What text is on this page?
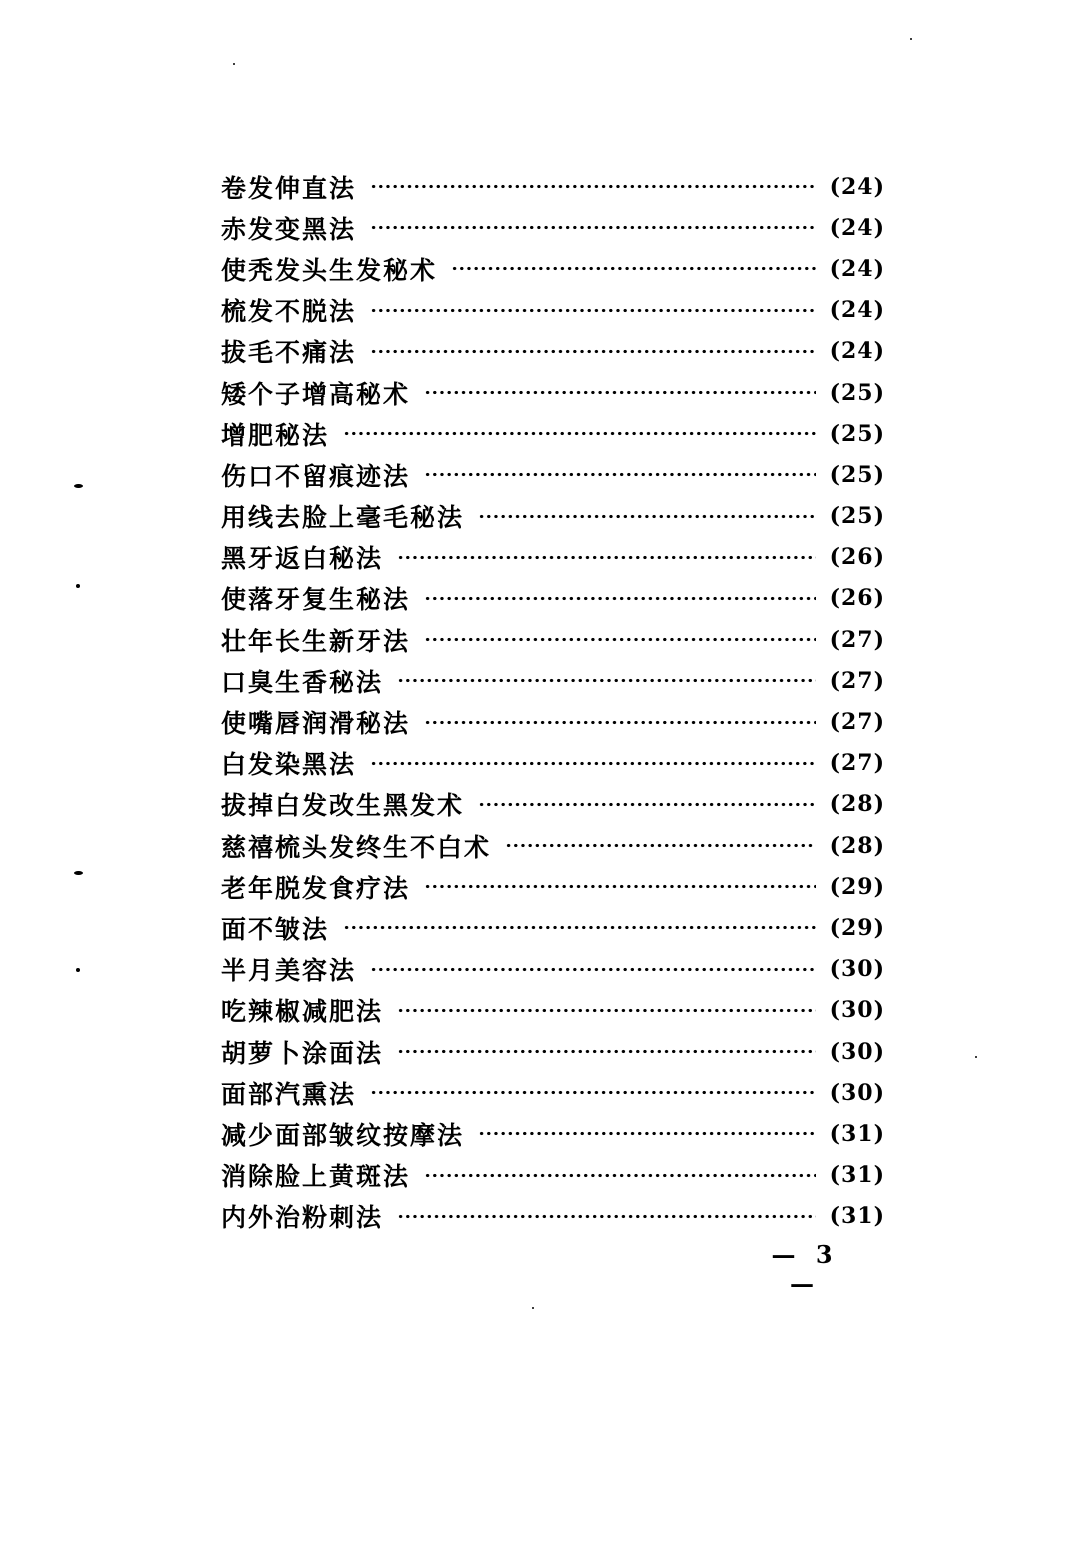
卷发伸直法	(24)
赤发变黑法	(24)
使秃发头生发秘术	(24)
梳发不脱法	(24)
拔毛不痛法	(24)
矮个子增高秘术	(25)
增肥秘法	(25)
伤口不留痕迹法	(25)
用线去脸上毫毛秘法	(25)
黑牙返白秘法	(26)
使落牙复生秘法	(26)
壮年长生新牙法	(27)
口臭生香秘法	(27)
使嘴唇润滑秘法	(27)
白发染黑法	(27)
拔掉白发改生黑发术	(28)
慈禧梳头发终生不白术	(28)
老年脱发食疗法	(29)
面不皱法	(29)
半月美容法	(30)
吃辣椒减肥法	(30)
胡萝卜涂面法	(30)
面部汽熏法	(30)
减少面部皱纹按摩法	(31)
消除脸上黄斑法	(31)
内外治粉刺法	(31)
— 3 —
